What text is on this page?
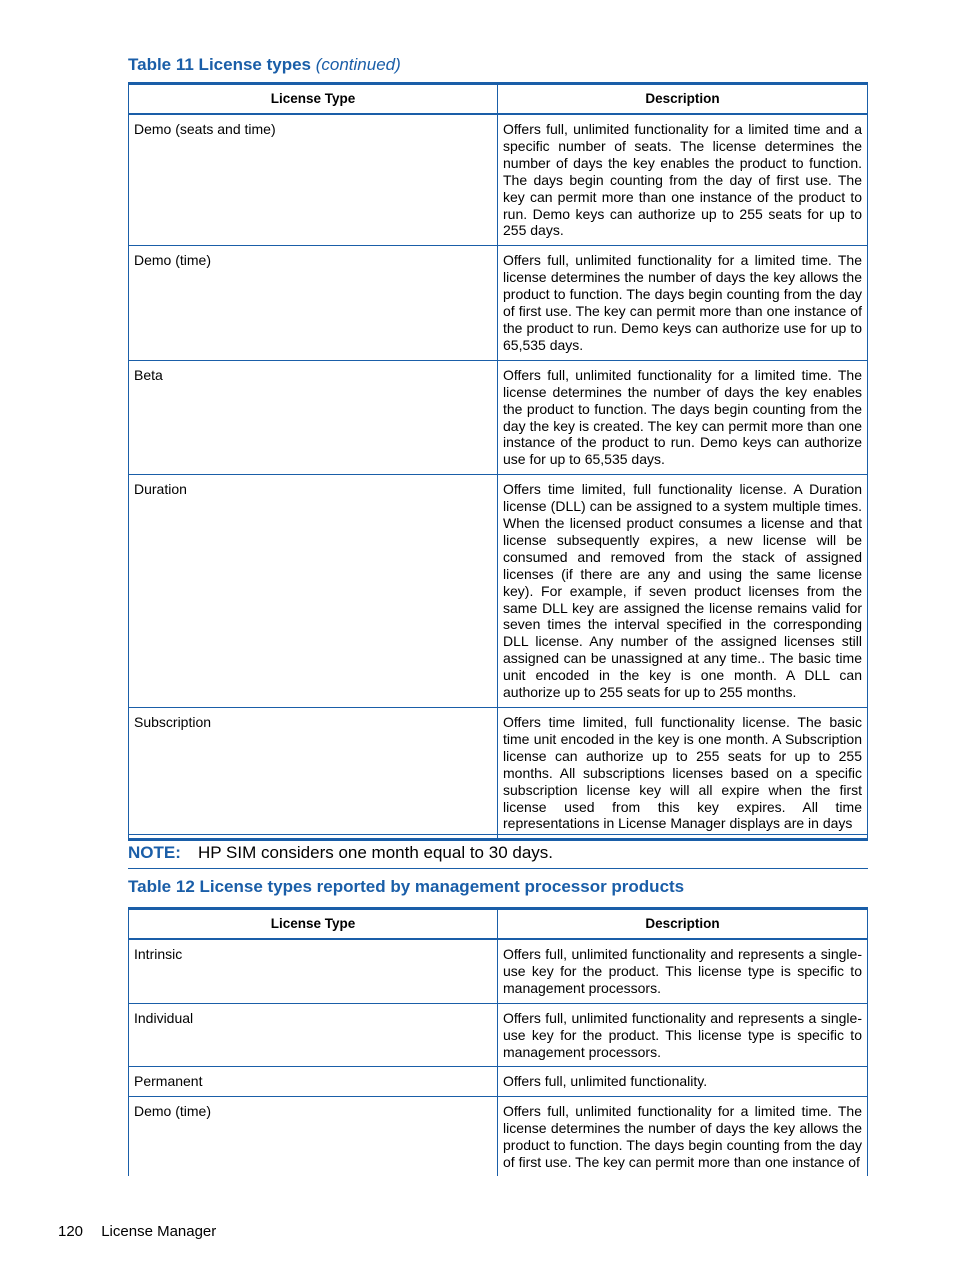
Table 11 License types (continued)
License Type	Description
Demo (seats and time)	Offers full, unlimited functionality for a limited time and a specific number of seats. The license determines the number of days the key enables the product to function. The days begin counting from the day of first use. The key can permit more than one instance of the product to run. Demo keys can authorize up to 255 seats for up to 255 days.
Demo (time)	Offers full, unlimited functionality for a limited time. The license determines the number of days the key allows the product to function. The days begin counting from the day of first use. The key can permit more than one instance of the product to run. Demo keys can authorize use for up to 65,535 days.
Beta	Offers full, unlimited functionality for a limited time. The license determines the number of days the key enables the product to function. The days begin counting from the day the key is created. The key can permit more than one instance of the product to run. Demo keys can authorize use for up to 65,535 days.
Duration	Offers time limited, full functionality license. A Duration license (DLL) can be assigned to a system multiple times. When the licensed product consumes a license and that license subsequently expires, a new license will be consumed and removed from the stack of assigned licenses (if there are any and using the same license key). For example, if seven product licenses from the same DLL key are assigned the license remains valid for seven times the interval specified in the corresponding DLL license. Any number of the assigned licenses still assigned can be unassigned at any time.. The basic time unit encoded in the key is one month. A DLL can authorize up to 255 seats for up to 255 months.
Subscription	Offers time limited, full functionality license. The basic time unit encoded in the key is one month. A Subscription license can authorize up to 255 seats for up to 255 months. All subscriptions licenses based on a specific subscription license key will all expire when the first license used from this key expires. All time representations in License Manager displays are in days
NOTE: HP SIM considers one month equal to 30 days.
Table 12 License types reported by management processor products
License Type	Description
Intrinsic	Offers full, unlimited functionality and represents a single-use key for the product. This license type is specific to management processors.
Individual	Offers full, unlimited functionality and represents a single-use key for the product. This license type is specific to management processors.
Permanent	Offers full, unlimited functionality.
Demo (time)	Offers full, unlimited functionality for a limited time. The license determines the number of days the key allows the product to function. The days begin counting from the day of first use. The key can permit more than one instance of
120 License Manager
